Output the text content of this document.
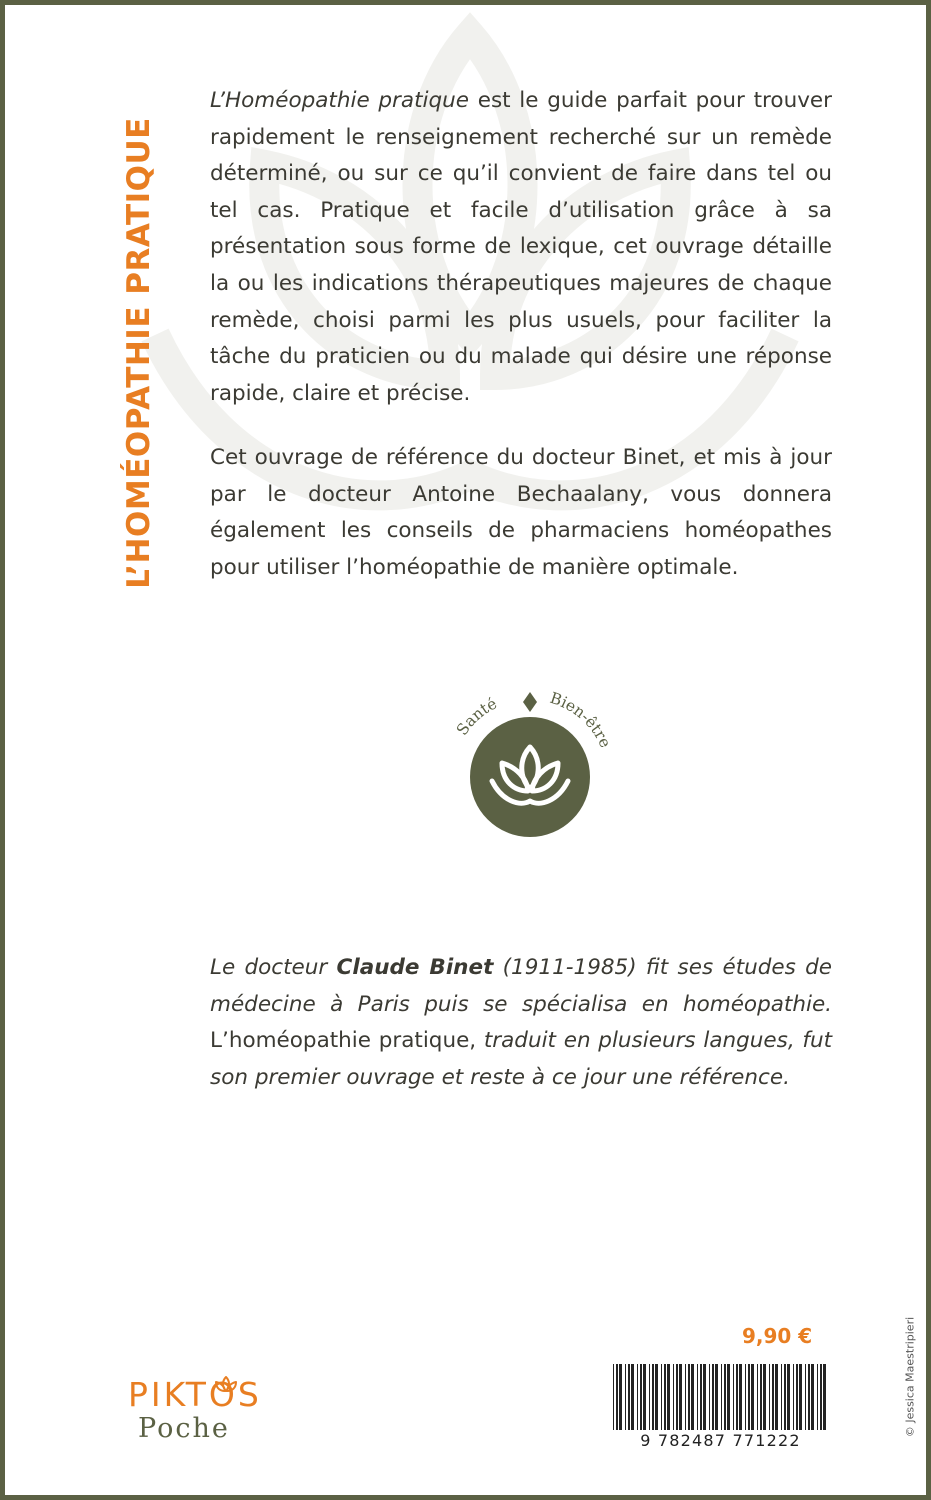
L’HOMÉOPATHIE PRATIQUE

L’Homéopathie pratique est le guide parfait pour trouver rapidement le renseignement recherché sur un remède déterminé, ou sur ce qu’il convient de faire dans tel ou tel cas. Pratique et facile d’utilisation grâce à sa présentation sous forme de lexique, cet ouvrage détaille la ou les indications thérapeutiques majeures de chaque remède, choisi parmi les plus usuels, pour faciliter la tâche du praticien ou du malade qui désire une réponse rapide, claire et précise.

Cet ouvrage de référence du docteur Binet, et mis à jour par le docteur Antoine Bechaalany, vous donnera également les conseils de pharmaciens homéopathes pour utiliser l’homéopathie de manière optimale.

Santé	Bien-être

Le docteur Claude Binet (1911-1985) fit ses études de médecine à Paris puis se spécialisa en homéopathie. L’homéopathie pratique, traduit en plusieurs langues, fut son premier ouvrage et reste à ce jour une référence.

9,90 €
9 782487 771222
© Jessica Maestripieri
PIKTOS
Poche
